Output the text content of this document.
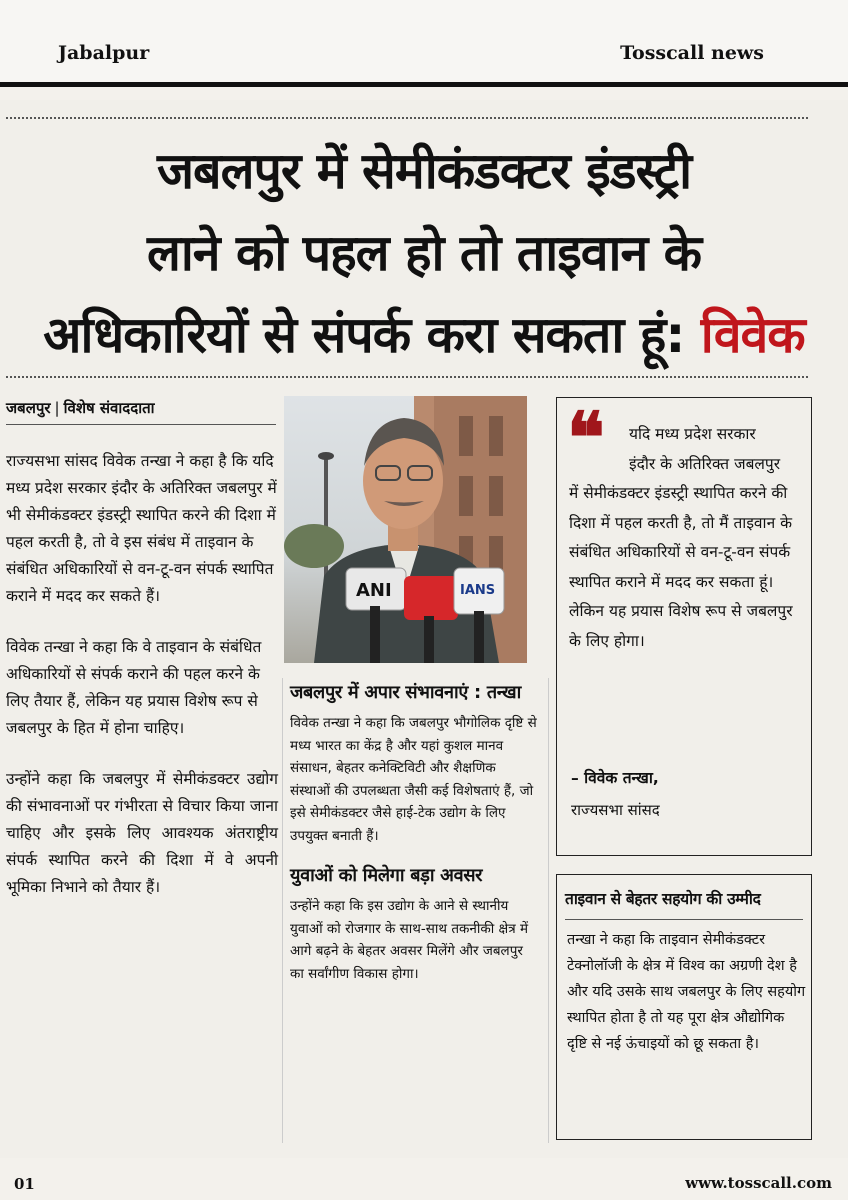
Jabalpur	Tosscall news
जबलपुर में सेमीकंडक्टर इंडस्ट्री
लाने को पहल हो तो ताइवान के
अधिकारियों से संपर्क करा सकता हूं: विवेक
जबलपुर | विशेष संवाददाता

राज्यसभा सांसद विवेक तन्खा ने कहा है कि यदि मध्य प्रदेश सरकार इंदौर के अतिरिक्त जबलपुर में भी सेमीकंडक्टर इंडस्ट्री स्थापित करने की दिशा में पहल करती है, तो वे इस संबंध में ताइवान के संबंधित अधिकारियों से वन-टू-वन संपर्क स्थापित कराने में मदद कर सकते हैं।

विवेक तन्खा ने कहा कि वे ताइवान के संबंधित अधिकारियों से संपर्क कराने की पहल करने के लिए तैयार हैं, लेकिन यह प्रयास विशेष रूप से जबलपुर के हित में होना चाहिए।

उन्होंने कहा कि जबलपुर में सेमीकंडक्टर उद्योग की संभावनाओं पर गंभीरता से विचार किया जाना चाहिए और इसके लिए आवश्यक अंतराष्ट्रीय संपर्क स्थापित करने की दिशा में वे अपनी भूमिका निभाने को तैयार हैं।

ANI	IANS
जबलपुर में अपार संभावनाएं : तन्खा

विवेक तन्खा ने कहा कि जबलपुर भौगोलिक दृष्टि से मध्य भारत का केंद्र है और यहां कुशल मानव संसाधन, बेहतर कनेक्टिविटी और शैक्षणिक संस्थाओं की उपलब्धता जैसी कई विशेषताएं हैं, जो इसे सेमीकंडक्टर जैसे हाई-टेक उद्योग के लिए उपयुक्त बनाती हैं।

युवाओं को मिलेगा बड़ा अवसर

उन्होंने कहा कि इस उद्योग के आने से स्थानीय युवाओं को रोजगार के साथ-साथ तकनीकी क्षेत्र में आगे बढ़ने के बेहतर अवसर मिलेंगे और जबलपुर का सर्वांगीण विकास होगा।

❝	यदि मध्य प्रदेश सरकार
इंदौर के अतिरिक्त जबलपुर
में सेमीकंडक्टर इंडस्ट्री स्थापित करने की दिशा में पहल करती है, तो मैं ताइवान के संबंधित अधिकारियों से वन-टू-वन संपर्क स्थापित कराने में मदद कर सकता हूं। लेकिन यह प्रयास विशेष रूप से जबलपुर के लिए होगा।
– विवेक तन्खा,
राज्यसभा सांसद
ताइवान से बेहतर सहयोग की उम्मीद

तन्खा ने कहा कि ताइवान सेमीकंडक्टर टेक्नोलॉजी के क्षेत्र में विश्व का अग्रणी देश है और यदि उसके साथ जबलपुर के लिए सहयोग स्थापित होता है तो यह पूरा क्षेत्र औद्योगिक दृष्टि से नई ऊंचाइयों को छू सकता है।

01	www.tosscall.com
